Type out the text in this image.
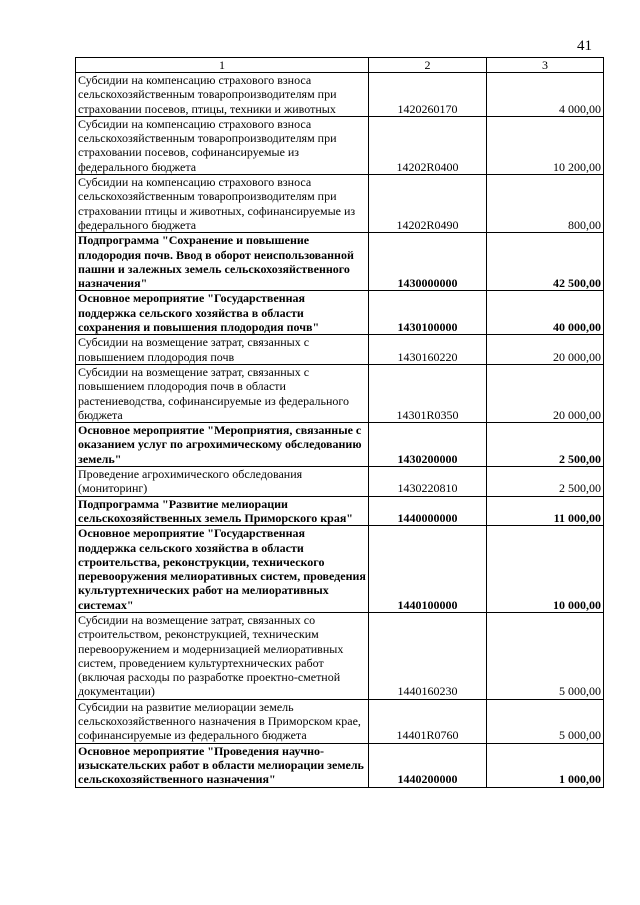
41
1	2	3
Субсидии на компенсацию страхового взноса сельскохозяйственным товаропроизводителям при страховании посевов, птицы, техники и животных	1420260170	4 000,00
Субсидии на компенсацию страхового взноса сельскохозяйственным товаропроизводителям при страховании посевов, софинансируемые из федерального бюджета	14202R0400	10 200,00
Субсидии на компенсацию страхового взноса сельскохозяйственным товаропроизводителям при страховании птицы и животных, софинансируемые из федерального бюджета	14202R0490	800,00
Подпрограмма "Сохранение и повышение плодородия почв. Ввод в оборот неиспользованной пашни и залежных земель сельскохозяйственного назначения"	1430000000	42 500,00
Основное мероприятие "Государственная поддержка сельского хозяйства в области сохранения и повышения плодородия почв"	1430100000	40 000,00
Субсидии на возмещение затрат, связанных с повышением плодородия почв	1430160220	20 000,00
Субсидии на возмещение затрат, связанных с повышением плодородия почв в области растениеводства, софинансируемые из федерального бюджета	14301R0350	20 000,00
Основное мероприятие "Мероприятия, связанные с оказанием услуг по агрохимическому обследованию земель"	1430200000	2 500,00
Проведение агрохимического обследования (мониторинг)	1430220810	2 500,00
Подпрограмма "Развитие мелиорации сельскохозяйственных земель Приморского края"	1440000000	11 000,00
Основное мероприятие "Государственная поддержка сельского хозяйства в области строительства, реконструкции, технического перевооружения мелиоративных систем, проведения культуртехнических работ на мелиоративных системах"	1440100000	10 000,00
Субсидии на возмещение затрат, связанных со строительством, реконструкцией, техническим перевооружением и модернизацией мелиоративных систем, проведением культуртехнических работ (включая расходы по разработке проектно-сметной документации)	1440160230	5 000,00
Субсидии на развитие мелиорации земель сельскохозяйственного назначения в Приморском крае, софинансируемые из федерального бюджета	14401R0760	5 000,00
Основное мероприятие "Проведения научно-изыскательских работ в области мелиорации земель сельскохозяйственного назначения"	1440200000	1 000,00
